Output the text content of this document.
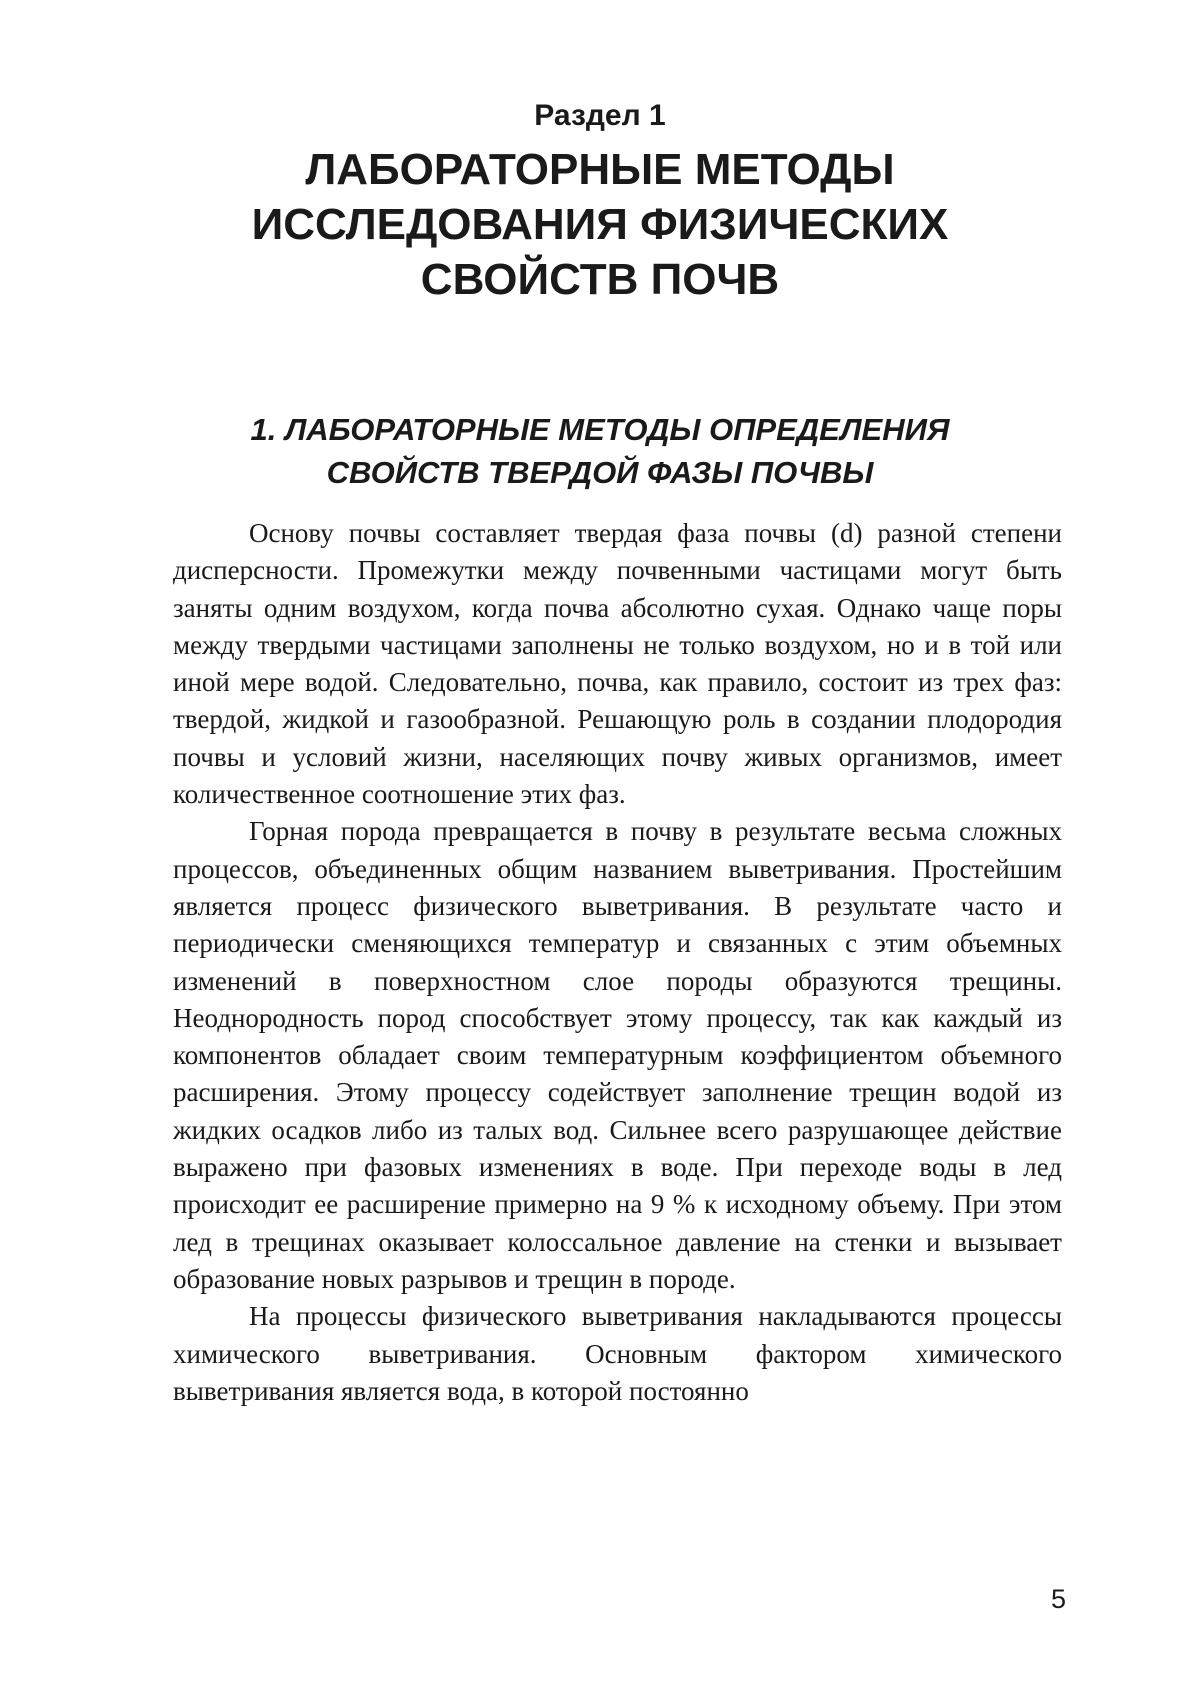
Раздел 1
ЛАБОРАТОРНЫЕ МЕТОДЫ
ИССЛЕДОВАНИЯ ФИЗИЧЕСКИХ
СВОЙСТВ ПОЧВ
1. ЛАБОРАТОРНЫЕ МЕТОДЫ ОПРЕДЕЛЕНИЯ
СВОЙСТВ ТВЕРДОЙ ФАЗЫ ПОЧВЫ

Основу почвы составляет твердая фаза почвы (d) разной степени дисперсности. Промежутки между почвенными частицами могут быть заняты одним воздухом, когда почва абсолютно сухая. Однако чаще поры между твердыми частицами заполнены не только воздухом, но и в той или иной мере водой. Следовательно, почва, как правило, состоит из трех фаз: твердой, жидкой и газообразной. Решающую роль в создании плодородия почвы и условий жизни, населяющих почву живых организмов, имеет количественное соотношение этих фаз.

Горная порода превращается в почву в результате весьма сложных процессов, объединенных общим названием выветривания. Простейшим является процесс физического выветривания. В результате часто и периодически сменяющихся температур и связанных с этим объемных изменений в поверхностном слое породы образуются трещины. Неоднородность пород способствует этому процессу, так как каждый из компонентов обладает своим температурным коэффициентом объемного расширения. Этому процессу содействует заполнение трещин водой из жидких осадков либо из талых вод. Сильнее всего разрушающее действие выражено при фазовых изменениях в воде. При переходе воды в лед происходит ее расширение примерно на 9 % к исходному объему. При этом лед в трещинах оказывает колоссальное давление на стенки и вызывает образование новых разрывов и трещин в породе.

На процессы физического выветривания накладываются процессы химического выветривания. Основным фактором химического выветривания является вода, в которой постоянно

5
